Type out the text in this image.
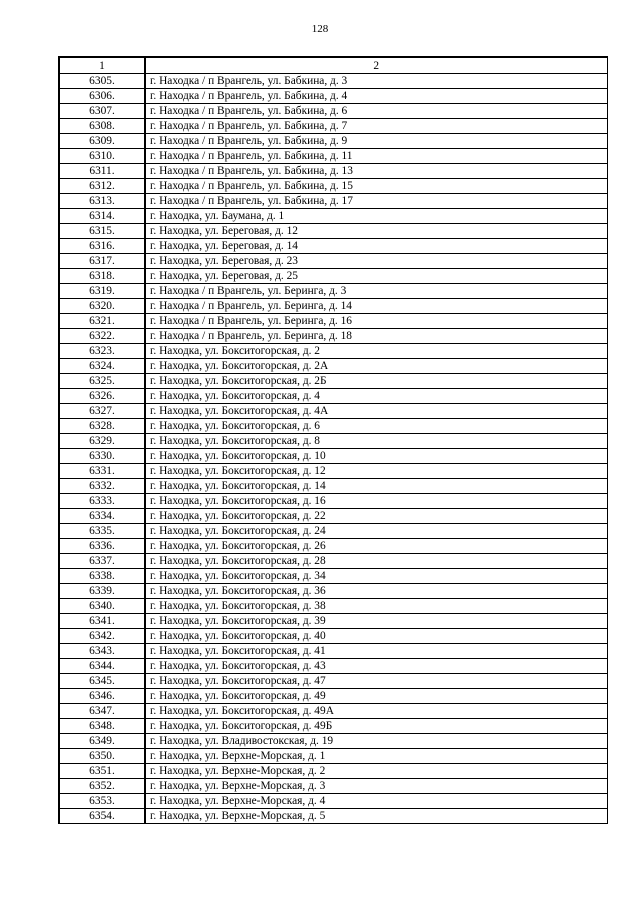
128
1	2
6305.	г. Находка / п Врангель, ул. Бабкина, д. 3
6306.	г. Находка / п Врангель, ул. Бабкина, д. 4
6307.	г. Находка / п Врангель, ул. Бабкина, д. 6
6308.	г. Находка / п Врангель, ул. Бабкина, д. 7
6309.	г. Находка / п Врангель, ул. Бабкина, д. 9
6310.	г. Находка / п Врангель, ул. Бабкина, д. 11
6311.	г. Находка / п Врангель, ул. Бабкина, д. 13
6312.	г. Находка / п Врангель, ул. Бабкина, д. 15
6313.	г. Находка / п Врангель, ул. Бабкина, д. 17
6314.	г. Находка, ул. Баумана, д. 1
6315.	г. Находка, ул. Береговая, д. 12
6316.	г. Находка, ул. Береговая, д. 14
6317.	г. Находка, ул. Береговая, д. 23
6318.	г. Находка, ул. Береговая, д. 25
6319.	г. Находка / п Врангель, ул. Беринга, д. 3
6320.	г. Находка / п Врангель, ул. Беринга, д. 14
6321.	г. Находка / п Врангель, ул. Беринга, д. 16
6322.	г. Находка / п Врангель, ул. Беринга, д. 18
6323.	г. Находка, ул. Бокситогорская, д. 2
6324.	г. Находка, ул. Бокситогорская, д. 2А
6325.	г. Находка, ул. Бокситогорская, д. 2Б
6326.	г. Находка, ул. Бокситогорская, д. 4
6327.	г. Находка, ул. Бокситогорская, д. 4А
6328.	г. Находка, ул. Бокситогорская, д. 6
6329.	г. Находка, ул. Бокситогорская, д. 8
6330.	г. Находка, ул. Бокситогорская, д. 10
6331.	г. Находка, ул. Бокситогорская, д. 12
6332.	г. Находка, ул. Бокситогорская, д. 14
6333.	г. Находка, ул. Бокситогорская, д. 16
6334.	г. Находка, ул. Бокситогорская, д. 22
6335.	г. Находка, ул. Бокситогорская, д. 24
6336.	г. Находка, ул. Бокситогорская, д. 26
6337.	г. Находка, ул. Бокситогорская, д. 28
6338.	г. Находка, ул. Бокситогорская, д. 34
6339.	г. Находка, ул. Бокситогорская, д. 36
6340.	г. Находка, ул. Бокситогорская, д. 38
6341.	г. Находка, ул. Бокситогорская, д. 39
6342.	г. Находка, ул. Бокситогорская, д. 40
6343.	г. Находка, ул. Бокситогорская, д. 41
6344.	г. Находка, ул. Бокситогорская, д. 43
6345.	г. Находка, ул. Бокситогорская, д. 47
6346.	г. Находка, ул. Бокситогорская, д. 49
6347.	г. Находка, ул. Бокситогорская, д. 49А
6348.	г. Находка, ул. Бокситогорская, д. 49Б
6349.	г. Находка, ул. Владивостокская, д. 19
6350.	г. Находка, ул. Верхне-Морская, д. 1
6351.	г. Находка, ул. Верхне-Морская, д. 2
6352.	г. Находка, ул. Верхне-Морская, д. 3
6353.	г. Находка, ул. Верхне-Морская, д. 4
6354.	г. Находка, ул. Верхне-Морская, д. 5
